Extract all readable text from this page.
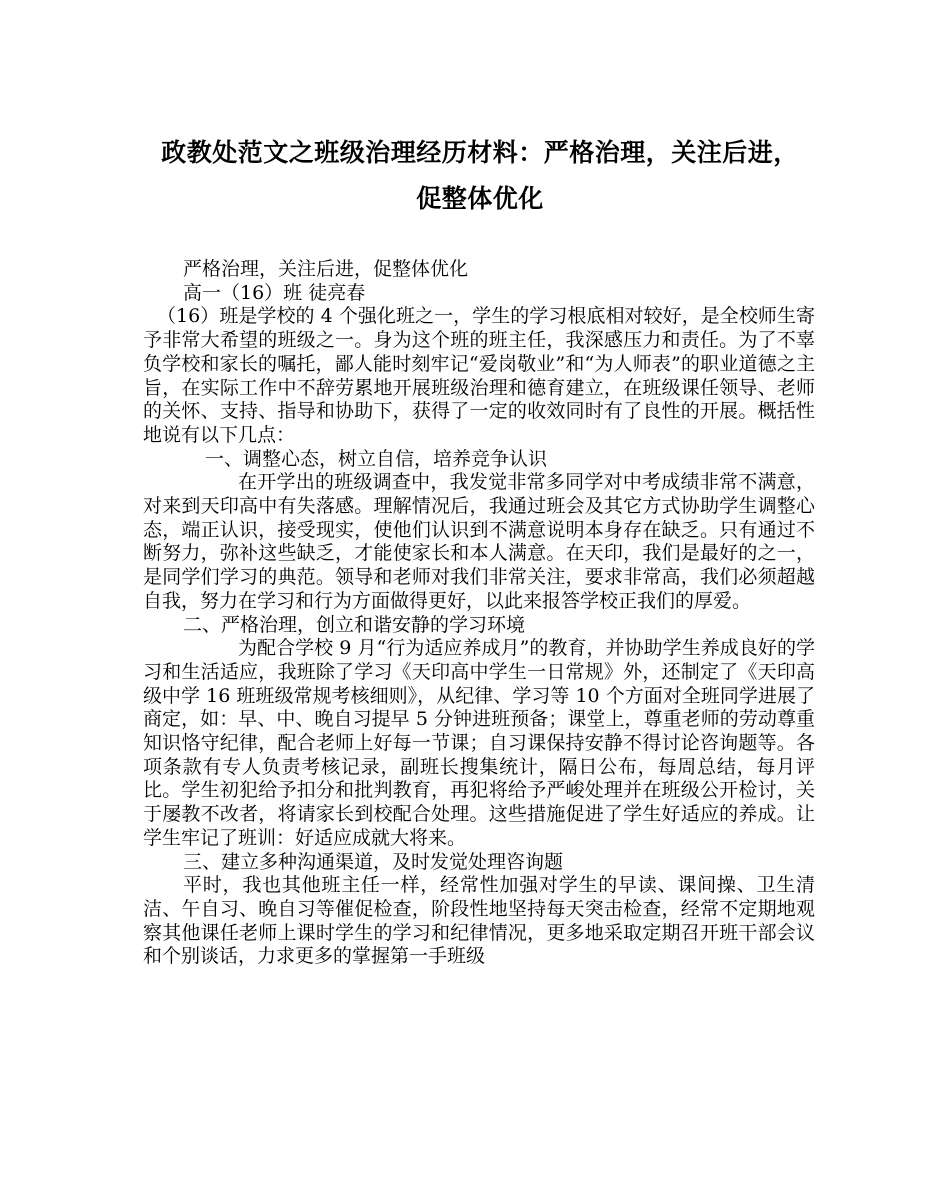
政教处范文之班级治理经历材料：严格治理，关注后进，
促整体优化

严格治理，关注后进，促整体优化

高一（16）班 徒亮春

（16）班是学校的 4 个强化班之一，学生的学习根底相对较好，是全校师生寄予非常大希望的班级之一。身为这个班的班主任，我深感压力和责任。为了不辜负学校和家长的嘱托，鄙人能时刻牢记“爱岗敬业”和“为人师表”的职业道德之主旨，在实际工作中不辞劳累地开展班级治理和德育建立，在班级课任领导、老师的关怀、支持、指导和协助下，获得了一定的收效同时有了良性的开展。概括性地说有以下几点：

一、调整心态，树立自信，培养竞争认识

在开学出的班级调查中，我发觉非常多同学对中考成绩非常不满意，对来到天印高中有失落感。理解情况后，我通过班会及其它方式协助学生调整心态，端正认识，接受现实，使他们认识到不满意说明本身存在缺乏。只有通过不断努力，弥补这些缺乏，才能使家长和本人满意。在天印，我们是最好的之一，是同学们学习的典范。领导和老师对我们非常关注，要求非常高，我们必须超越自我，努力在学习和行为方面做得更好，以此来报答学校正我们的厚爱。

二、严格治理，创立和谐安静的学习环境

为配合学校 9 月“行为适应养成月”的教育，并协助学生养成良好的学习和生活适应，我班除了学习《天印高中学生一日常规》外，还制定了《天印高级中学 16 班班级常规考核细则》，从纪律、学习等 10 个方面对全班同学进展了商定，如：早、中、晚自习提早 5 分钟进班预备；课堂上，尊重老师的劳动尊重知识恪守纪律，配合老师上好每一节课；自习课保持安静不得讨论咨询题等。各项条款有专人负责考核记录，副班长搜集统计，隔日公布，每周总结，每月评比。学生初犯给予扣分和批判教育，再犯将给予严峻处理并在班级公开检讨，关于屡教不改者，将请家长到校配合处理。这些措施促进了学生好适应的养成。让学生牢记了班训：好适应成就大将来。

三、建立多种沟通渠道，及时发觉处理咨询题

平时，我也其他班主任一样，经常性加强对学生的早读、课间操、卫生清洁、午自习、晚自习等催促检查，阶段性地坚持每天突击检查，经常不定期地观察其他课任老师上课时学生的学习和纪律情况，更多地采取定期召开班干部会议和个别谈话，力求更多的掌握第一手班级
